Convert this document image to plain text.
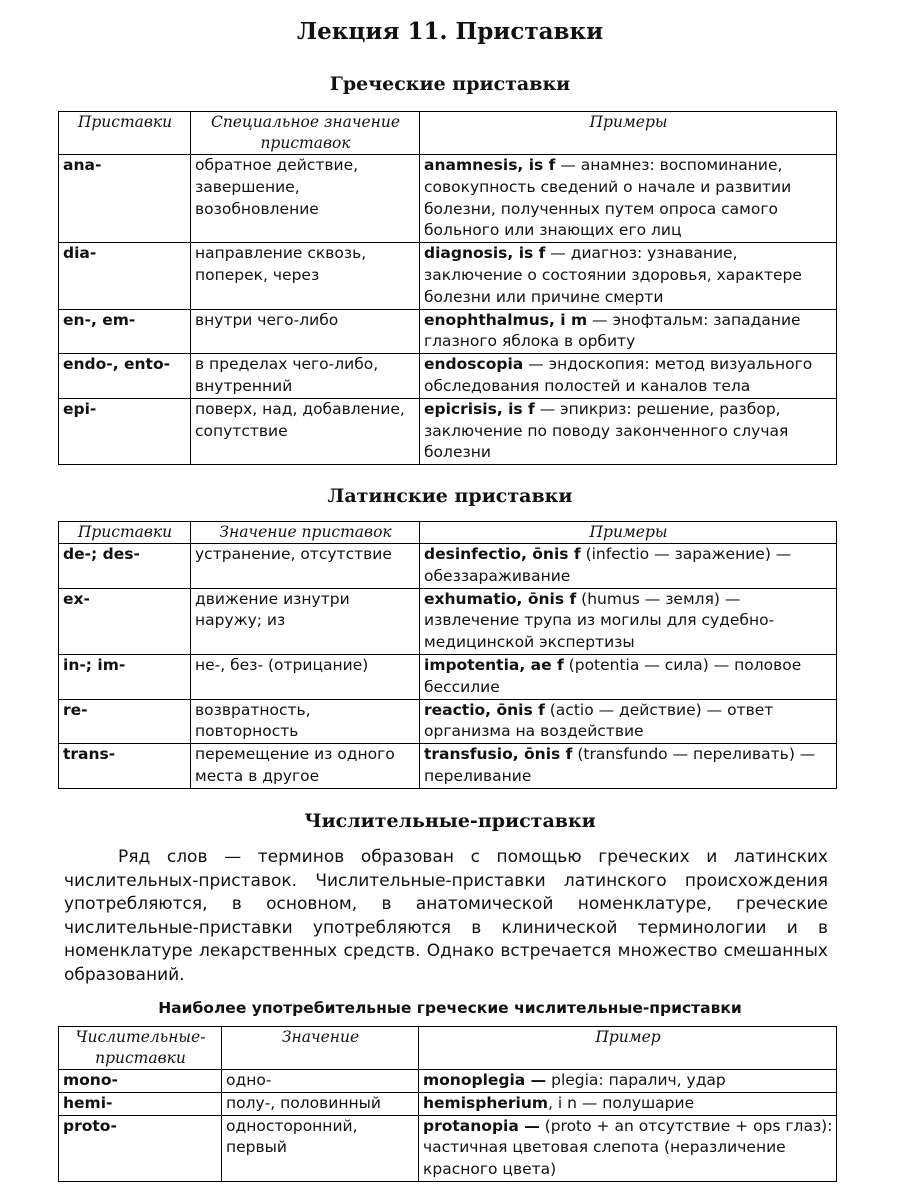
Лекция 11. Приставки
Греческие приставки
Приставки	Специальное значение приставок	Примеры
ana-	обратное действие, завершение, возобновление	anamnesis, is f — анамнез: воспоминание, совокупность сведений о начале и развитии болезни, полученных путем опроса самого больного или знающих его лиц
dia-	направление сквозь, поперек, через	diagnosis, is f — диагноз: узнавание, заключение о состоянии здоровья, характере болезни или причине смерти
en-, em-	внутри чего-либо	enophthalmus, i m — энофтальм: западание глазного яблока в орбиту
endo-, ento-	в пределах чего-либо, внутренний	endoscopia — эндоскопия: метод визуального обследования полостей и каналов тела
epi-	поверх, над, добавление, сопутствие	epicrisis, is f — эпикриз: решение, разбор, заключение по поводу законченного случая болезни
Латинские приставки
Приставки	Значение приставок	Примеры
de-; des-	устранение, отсутствие	desinfectio, ōnis f (infectio — заражение) — обеззараживание
ex-	движение изнутри наружу; из	exhumatio, ōnis f (humus — земля) — извлечение трупа из могилы для судебно-медицинской экспертизы
in-; im-	не-, без- (отрицание)	impotentia, ae f (potentia — сила) — половое бессилие
re-	возвратность, повторность	reactio, ōnis f (actio — действие) — ответ организма на воздействие
trans-	перемещение из одного места в другое	transfusio, ōnis f (transfundo — переливать) — переливание
Числительные-приставки

Ряд слов — терминов образован с помощью греческих и латинских числительных-приставок. Числительные-приставки латинского происхождения употребляются, в основном, в анатомической номенклатуре, греческие числительные-приставки употребляются в клинической терминологии и в номенклатуре лекарственных средств. Однако встречается множество смешанных образований.

Наиболее употребительные греческие числительные-приставки
Числительные-приставки	Значение	Пример
mono-	одно-	monoplegia — plegia: паралич, удар
hemi-	полу-, половинный	hemispherium, i n — полушарие
proto-	односторонний, первый	protanopia — (proto + an отсутствие + ops глаз): частичная цветовая слепота (неразличение красного цвета)
